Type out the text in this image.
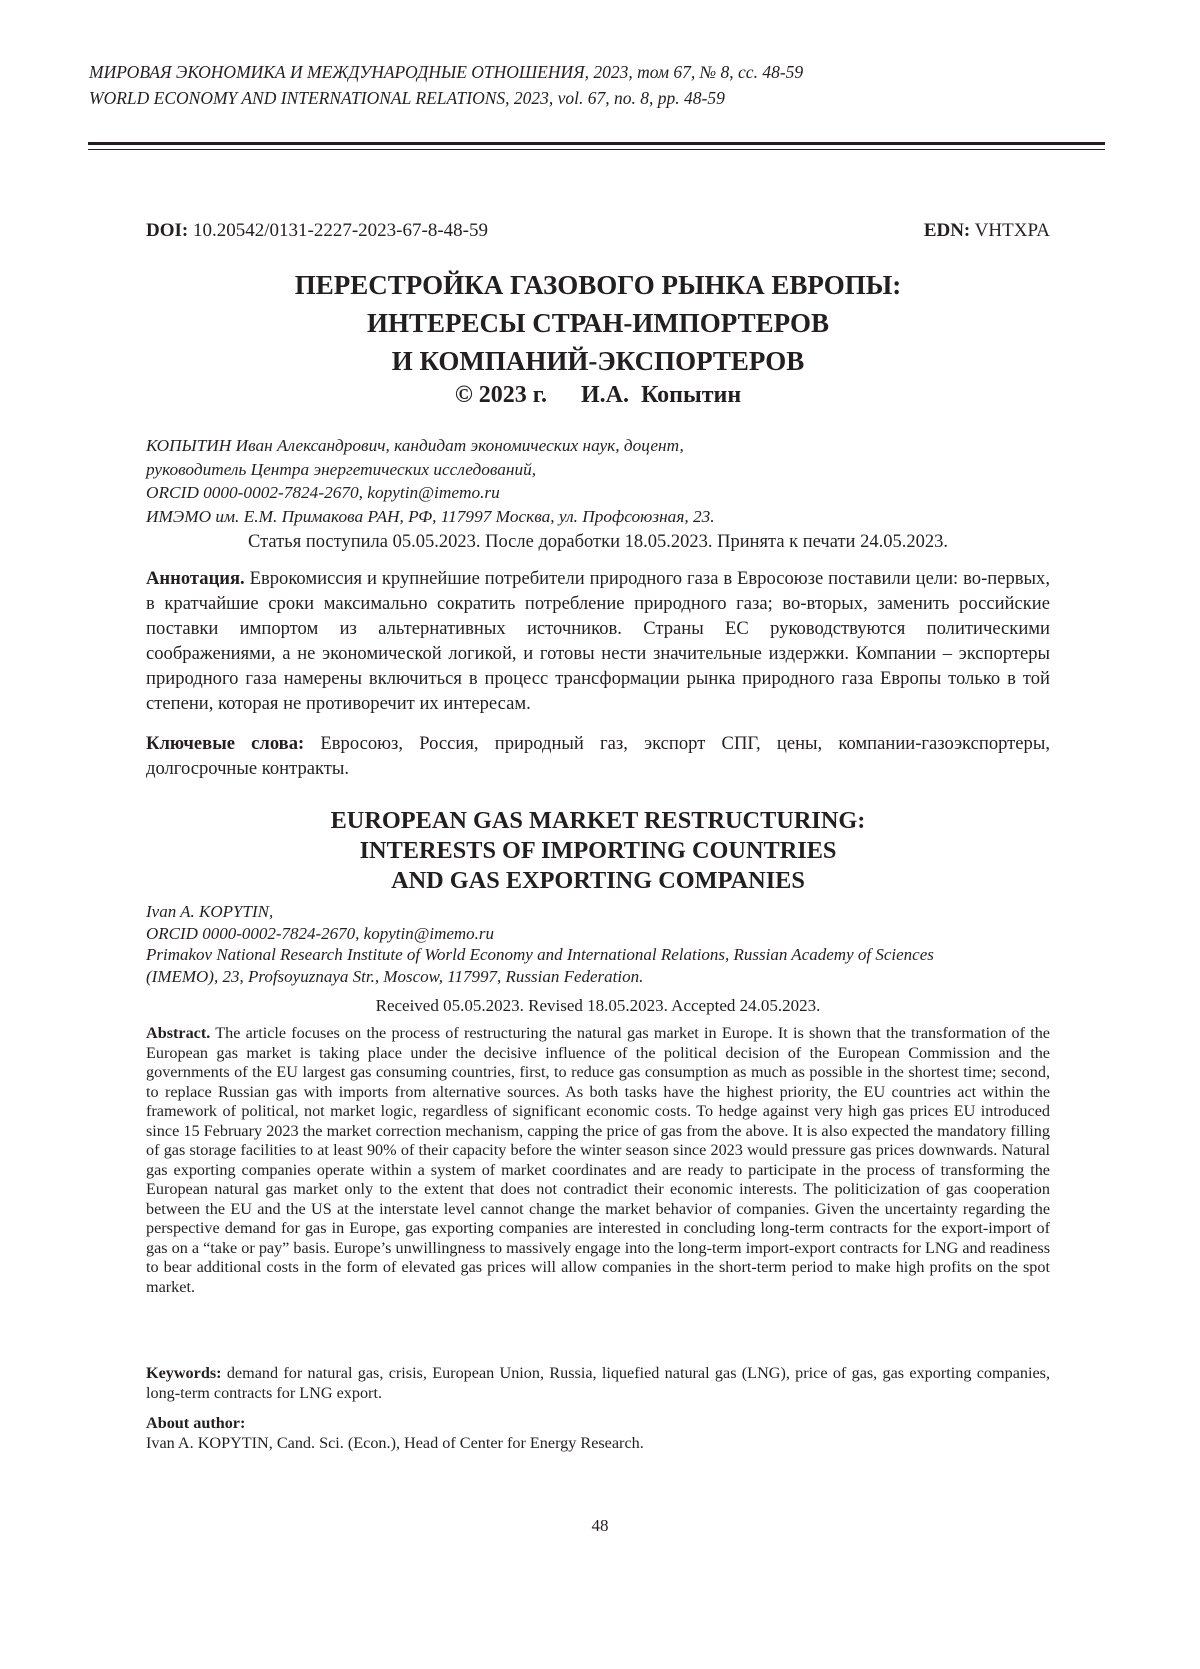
МИРОВАЯ ЭКОНОМИКА И МЕЖДУНАРОДНЫЕ ОТНОШЕНИЯ, 2023, том 67, № 8, сс. 48-59
WORLD ECONOMY AND INTERNATIONAL RELATIONS, 2023, vol. 67, no. 8, pp. 48-59
DOI: 10.20542/0131-2227-2023-67-8-48-59	EDN: VHTXPA
ПЕРЕСТРОЙКА ГАЗОВОГО РЫНКА ЕВРОПЫ:
ИНТЕРЕСЫ СТРАН-ИМПОРТЕРОВ
И КОМПАНИЙ-ЭКСПОРТЕРОВ
© 2023 г. И.А.  Копытин
КОПЫТИН Иван Александрович, кандидат экономических наук, доцент,
руководитель Центра энергетических исследований,
ORCID 0000-0002-7824-2670, kopytin@imemo.ru
ИМЭМО им. Е.М. Примакова РАН, РФ, 117997 Москва, ул. Профсоюзная, 23.
Статья поступила 05.05.2023. После доработки 18.05.2023. Принята к печати 24.05.2023.
Аннотация. Еврокомиссия и крупнейшие потребители природного газа в Евросоюзе поставили цели: во-первых, в кратчайшие сроки максимально сократить потребление природного газа; во-вторых, заменить российские поставки импортом из альтернативных источников. Страны ЕС руководствуются политическими соображениями, а не экономической логикой, и готовы нести значительные издержки. Компании – экспортеры природного газа намерены включиться в процесс трансформации рынка природного газа Европы только в той степени, которая не противоречит их интересам.
Ключевые слова: Евросоюз, Россия, природный газ, экспорт СПГ, цены, компании-газоэкспортеры, долгосрочные контракты.
EUROPEAN GAS MARKET RESTRUCTURING:
INTERESTS OF IMPORTING COUNTRIES
AND GAS EXPORTING COMPANIES
Ivan A. KOPYTIN,
ORCID 0000-0002-7824-2670, kopytin@imemo.ru
Primakov National Research Institute of World Economy and International Relations, Russian Academy of Sciences
(IMEMO), 23, Profsoyuznaya Str., Moscow, 117997, Russian Federation.
Received 05.05.2023. Revised 18.05.2023. Accepted 24.05.2023.
Abstract. The article focuses on the process of restructuring the natural gas market in Europe. It is shown that the transformation of the European gas market is taking place under the decisive influence of the political decision of the European Commission and the governments of the EU largest gas consuming countries, first, to reduce gas consumption as much as possible in the shortest time; second, to replace Russian gas with imports from alternative sources. As both tasks have the highest priority, the EU countries act within the framework of political, not market logic, regardless of significant economic costs. To hedge against very high gas prices EU introduced since 15 February 2023 the market correction mechanism, capping the price of gas from the above. It is also expected the mandatory filling of gas storage facilities to at least 90% of their capacity before the winter season since 2023 would pressure gas prices downwards. Natural gas exporting companies operate within a system of market coordinates and are ready to participate in the process of transforming the European natural gas market only to the extent that does not contradict their economic interests. The politicization of gas cooperation between the EU and the US at the interstate level cannot change the market behavior of companies. Given the uncertainty regarding the perspective demand for gas in Europe, gas exporting companies are interested in concluding long-term contracts for the export-import of gas on a “take or pay” basis. Europe’s unwillingness to massively engage into the long-term import-export contracts for LNG and readiness to bear additional costs in the form of elevated gas prices will allow companies in the short-term period to make high profits on the spot market.
Keywords: demand for natural gas, crisis, European Union, Russia, liquefied natural gas (LNG), price of gas, gas exporting companies, long-term contracts for LNG export.
About author:
Ivan A. KOPYTIN, Cand. Sci. (Econ.), Head of Center for Energy Research.
48
